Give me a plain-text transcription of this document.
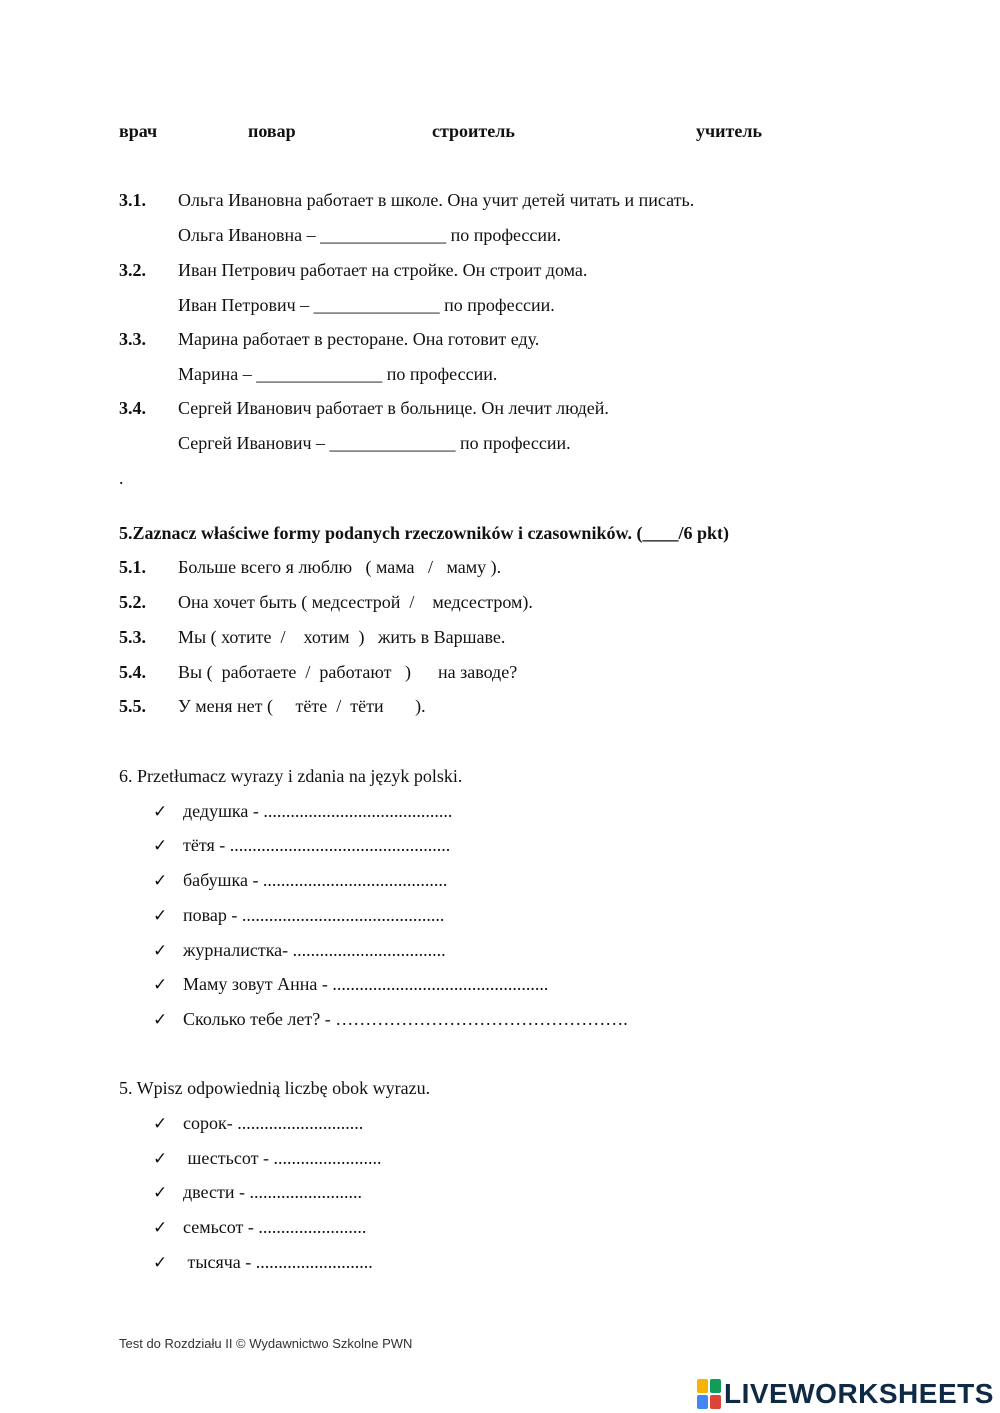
врач	повар	строитель	учитель
3.1. Ольга Ивановна работает в школе. Она учит детей читать и писать.
Ольга Ивановна – ______________ по профессии.
3.2. Иван Петрович работает на стройке. Он строит дома.
Иван Петрович – ______________ по профессии.
3.3. Марина работает в ресторане. Она готовит еду.
Марина – ______________ по профессии.
3.4. Сергей Иванович работает в больнице. Он лечит людей.
Сергей Иванович – ______________ по профессии.
.
5.Zaznacz właściwe formy podanych rzeczowników i czasowników. (____/6 pkt)
5.1. Больше всего я люблю   ( мама   /   маму ).
5.2. Она хочет быть ( медсестрой  /    медсестром).
5.3. Мы ( хотите  /    хотим  )   жить в Варшаве.
5.4. Вы (  работаете  /  работают   )      на заводе?
5.5. У меня нет (     тёте  /  тёти       ).
6. Przetłumacz wyrazy i zdania na język polski.
✓ дедушка - ..........................................
✓ тётя - .................................................
✓ бабушка - .........................................
✓ повар - .............................................
✓ журналистка- ..................................
✓ Маму зовут Анна - ................................................
✓ Сколько тебе лет? - ………………………………………….
5. Wpisz odpowiednią liczbę obok wyrazu.
✓ сорок- ............................
✓ шестьсот - ........................
✓ двести - .........................
✓ семьсот - ........................
✓ тысяча - ..........................
Test do Rozdziału II © Wydawnictwo Szkolne PWN
LIVEWORKSHEETS
